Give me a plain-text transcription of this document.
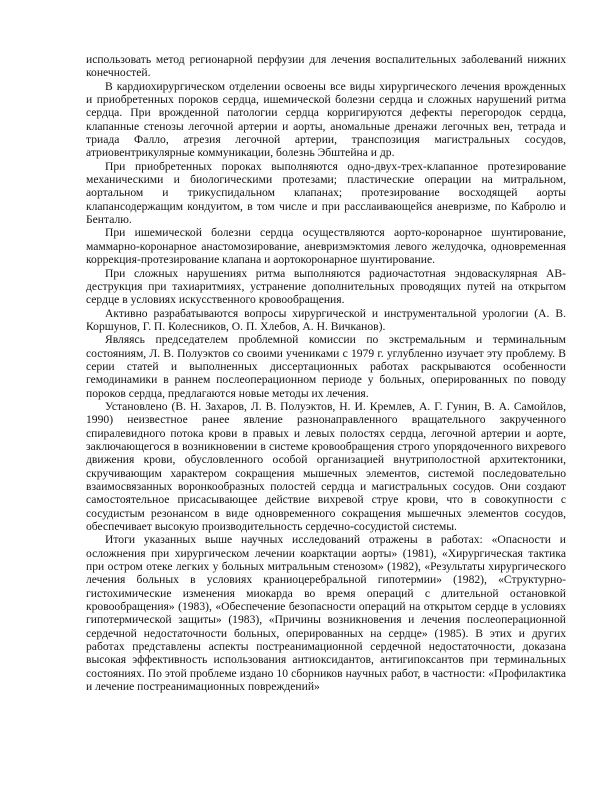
использовать метод регионарной перфузии для лечения воспалительных заболеваний нижних конечностей.

В кардиохирургическом отделении освоены все виды хирургического лечения врожденных и приобретенных пороков сердца, ишемической болезни сердца и сложных нарушений ритма сердца. При врожденной патологии сердца корригируются дефекты перегородок сердца, клапанные стенозы легочной артерии и аорты, аномальные дренажи легочных вен, тетрада и триада Фалло, атрезия легочной артерии, транспозиция магистральных сосудов, атриовентрикулярные коммуникации, болезнь Эбштейна и др.

При приобретенных пороках выполняются одно-двух-трех-клапанное протезирование механическими и биологическими протезами; пластические операции на митральном, аортальном и трикуспидальном клапанах; протезирование восходящей аорты клапансодержащим кондуитом, в том числе и при расслаивающейся аневризме, по Кабролю и Бенталю.

При ишемической болезни сердца осуществляются аорто-коронарное шунтирование, маммарно-коронарное анастомозирование, аневризмэктомия левого желудочка, одновременная коррекция-протезирование клапана и аортокоронарное шунтирование.

При сложных нарушениях ритма выполняются радиочастотная эндоваскулярная АВ-деструкция при тахиаритмиях, устранение дополнительных проводящих путей на открытом сердце в условиях искусственного кровообращения.

Активно разрабатываются вопросы хирургической и инструментальной урологии (А. В. Коршунов, Г. П. Колесников, О. П. Хлебов, А. Н. Вичканов).

Являясь председателем проблемной комиссии по экстремальным и терминальным состояниям, Л. В. Полуэктов со своими учениками с 1979 г. углубленно изучает эту проблему. В серии статей и выполненных диссертационных работах раскрываются особенности гемодинамики в раннем послеоперационном периоде у больных, оперированных по поводу пороков сердца, предлагаются новые методы их лечения.

Установлено (В. Н. Захаров, Л. В. Полуэктов, Н. И. Кремлев, А. Г. Гунин, В. А. Самойлов, 1990) неизвестное ранее явление разнонаправленного вращательного закрученного спиралевидного потока крови в правых и левых полостях сердца, легочной артерии и аорте, заключающегося в возникновении в системе кровообращения строго упорядоченного вихревого движения крови, обусловленного особой организацией внутриполостной архитектоники, скручивающим характером сокращения мышечных элементов, системой последовательно взаимосвязанных воронкообразных полостей сердца и магистральных сосудов. Они создают самостоятельное присасывающее действие вихревой струе крови, что в совокупности с сосудистым резонансом в виде одновременного сокращения мышечных элементов сосудов, обеспечивает высокую производительность сердечно-сосудистой системы.

Итоги указанных выше научных исследований отражены в работах: «Опасности и осложнения при хирургическом лечении коарктации аорты» (1981), «Хирургическая тактика при остром отеке легких у больных митральным стенозом» (1982), «Результаты хирургического лечения больных в условиях краниоцеребральной гипотермии» (1982), «Структурно-гистохимические изменения миокарда во время операций с длительной остановкой кровообращения» (1983), «Обеспечение безопасности операций на открытом сердце в условиях гипотермической защиты» (1983), «Причины возникновения и лечения послеоперационной сердечной недостаточности больных, оперированных на сердце» (1985). В этих и других работах представлены аспекты постреанимационной сердечной недостаточности, доказана высокая эффективность использования антиоксидантов, антигипоксантов при терминальных состояниях. По этой проблеме издано 10 сборников научных работ, в частности: «Профилактика и лечение постреанимационных повреждений»
